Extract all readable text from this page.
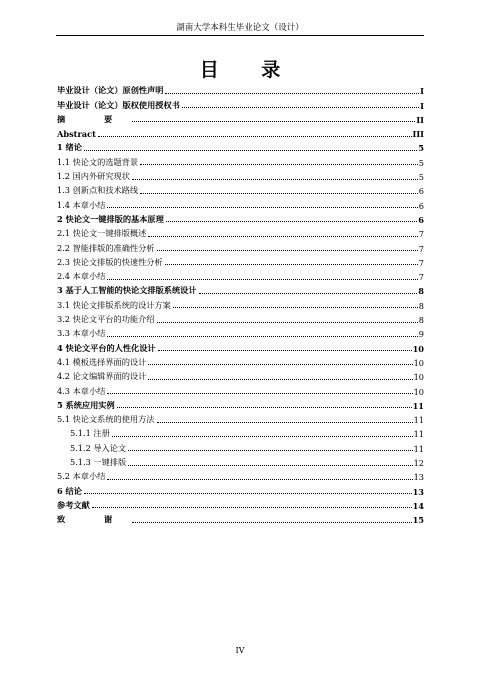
湖南大学本科生毕业论文（设计）
目 录
毕业设计（论文）原创性声明	I
毕业设计（论文）版权使用授权书	I
摘 要	II
Abstract	III
1 绪论	5
1.1 快论文的选题背景	5
1.2 国内外研究现状	5
1.3 创新点和技术路线	6
1.4 本章小结	6
2 快论文一键排版的基本原理	6
2.1 快论文一键排版概述	7
2.2 智能排版的准确性分析	7
2.3 快论文排版的快速性分析	7
2.4 本章小结	7
3 基于人工智能的快论文排版系统设计	8
3.1 快论文排版系统的设计方案	8
3.2 快论文平台的功能介绍	8
3.3 本章小结	9
4 快论文平台的人性化设计	10
4.1 模板选择界面的设计	10
4.2 论文编辑界面的设计	10
4.3 本章小结	10
5 系统应用实例	11
5.1 快论文系统的使用方法	11
5.1.1 注册	11
5.1.2 导入论文	11
5.1.3 一键排版	12
5.2 本章小结	13
6 结论	13
参考文献	14
致 谢	15
IV
